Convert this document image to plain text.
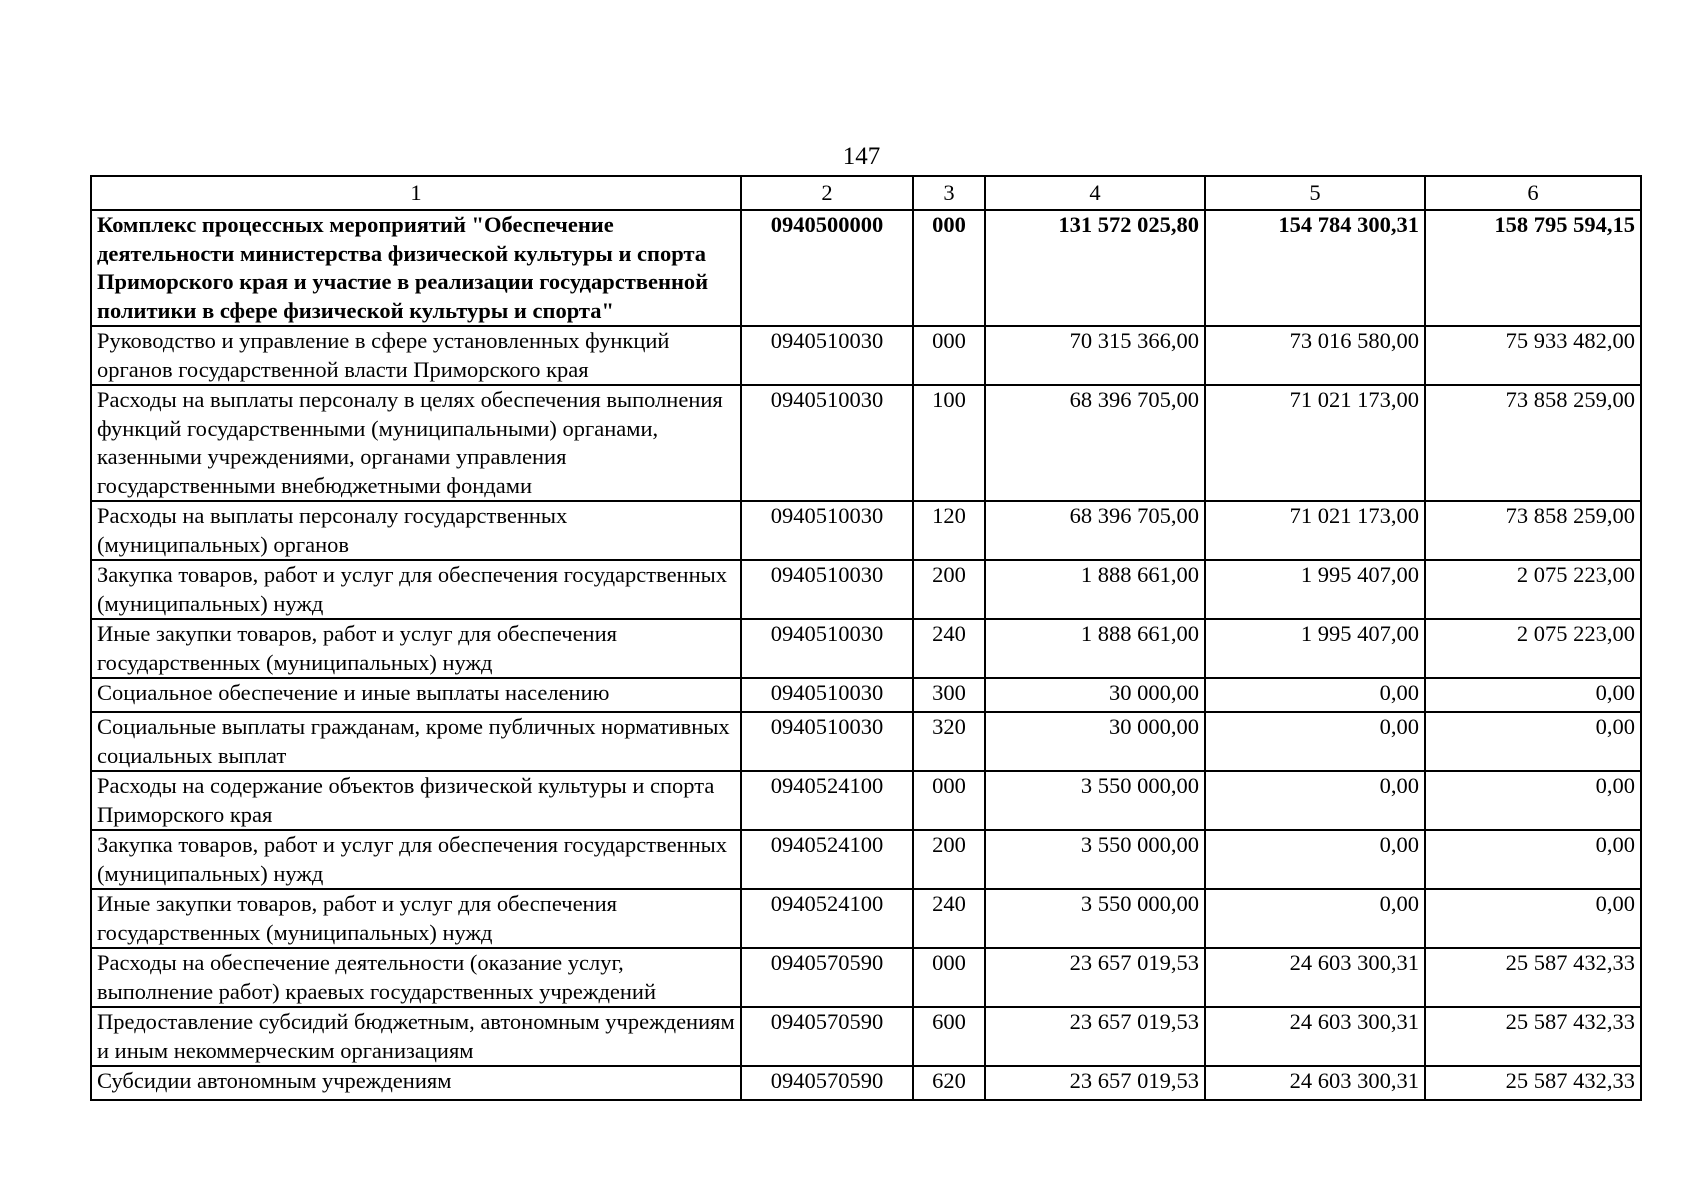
147
1	2	3	4	5	6
Комплекс процессных мероприятий "Обеспечение деятельности министерства физической культуры и спорта Приморского края и участие в реализации государственной политики в сфере физической культуры и спорта"	0940500000	000	131 572 025,80	154 784 300,31	158 795 594,15
Руководство и управление в сфере установленных функций органов государственной власти Приморского края	0940510030	000	70 315 366,00	73 016 580,00	75 933 482,00
Расходы на выплаты персоналу в целях обеспечения выполнения функций государственными (муниципальными) органами, казенными учреждениями, органами управления государственными внебюджетными фондами	0940510030	100	68 396 705,00	71 021 173,00	73 858 259,00
Расходы на выплаты персоналу государственных (муниципальных) органов	0940510030	120	68 396 705,00	71 021 173,00	73 858 259,00
Закупка товаров, работ и услуг для обеспечения государственных (муниципальных) нужд	0940510030	200	1 888 661,00	1 995 407,00	2 075 223,00
Иные закупки товаров, работ и услуг для обеспечения государственных (муниципальных) нужд	0940510030	240	1 888 661,00	1 995 407,00	2 075 223,00
Социальное обеспечение и иные выплаты населению	0940510030	300	30 000,00	0,00	0,00
Социальные выплаты гражданам, кроме публичных нормативных социальных выплат	0940510030	320	30 000,00	0,00	0,00
Расходы на содержание объектов физической культуры и спорта Приморского края	0940524100	000	3 550 000,00	0,00	0,00
Закупка товаров, работ и услуг для обеспечения государственных (муниципальных) нужд	0940524100	200	3 550 000,00	0,00	0,00
Иные закупки товаров, работ и услуг для обеспечения государственных (муниципальных) нужд	0940524100	240	3 550 000,00	0,00	0,00
Расходы на обеспечение деятельности (оказание услуг, выполнение работ) краевых государственных учреждений	0940570590	000	23 657 019,53	24 603 300,31	25 587 432,33
Предоставление субсидий бюджетным, автономным учреждениям и иным некоммерческим организациям	0940570590	600	23 657 019,53	24 603 300,31	25 587 432,33
Субсидии автономным учреждениям	0940570590	620	23 657 019,53	24 603 300,31	25 587 432,33
